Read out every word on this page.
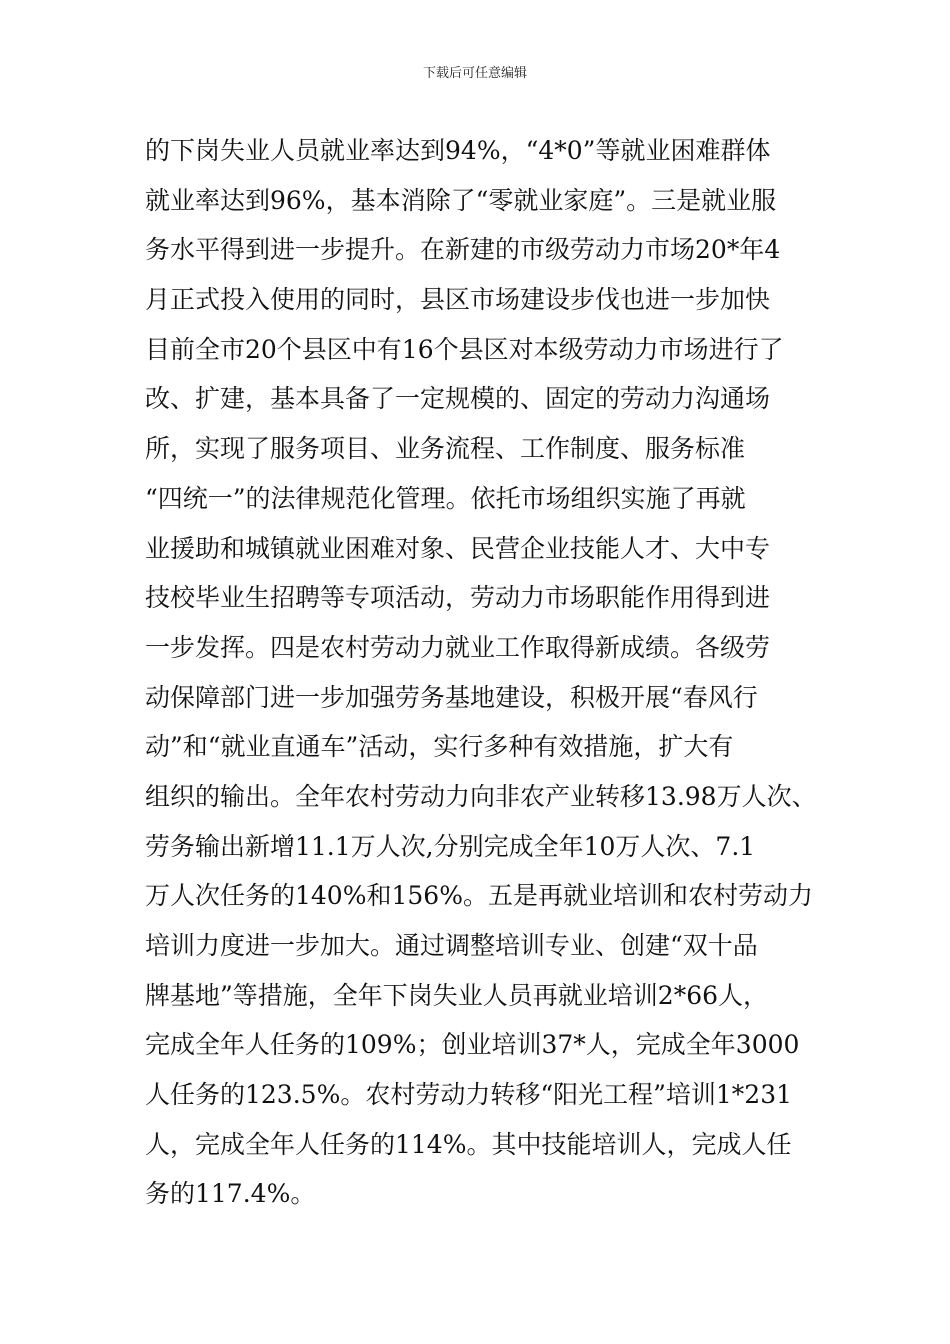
下载后可任意编辑
的下岗失业人员就业率达到94%，“4*0”等就业困难群体
就业率达到96%，基本消除了“零就业家庭”。三是就业服
务水平得到进一步提升。在新建的市级劳动力市场20*年4
月正式投入使用的同时，县区市场建设步伐也进一步加快
目前全市20个县区中有16个县区对本级劳动力市场进行了
改、扩建，基本具备了一定规模的、固定的劳动力沟通场
所，实现了服务项目、业务流程、工作制度、服务标准
“四统一”的法律规范化管理。依托市场组织实施了再就
业援助和城镇就业困难对象、民营企业技能人才、大中专
技校毕业生招聘等专项活动，劳动力市场职能作用得到进
一步发挥。四是农村劳动力就业工作取得新成绩。各级劳
动保障部门进一步加强劳务基地建设，积极开展“春风行
动”和“就业直通车”活动，实行多种有效措施，扩大有
组织的输出。全年农村劳动力向非农产业转移13.98万人次、
劳务输出新增11.1万人次,分别完成全年10万人次、7.1
万人次任务的140%和156%。五是再就业培训和农村劳动力
培训力度进一步加大。通过调整培训专业、创建“双十品
牌基地”等措施，全年下岗失业人员再就业培训2*66人，
完成全年人任务的109%；创业培训37*人，完成全年3000
人任务的123.5%。农村劳动力转移“阳光工程”培训1*231
人，完成全年人任务的114%。其中技能培训人，完成人任
务的117.4%。
